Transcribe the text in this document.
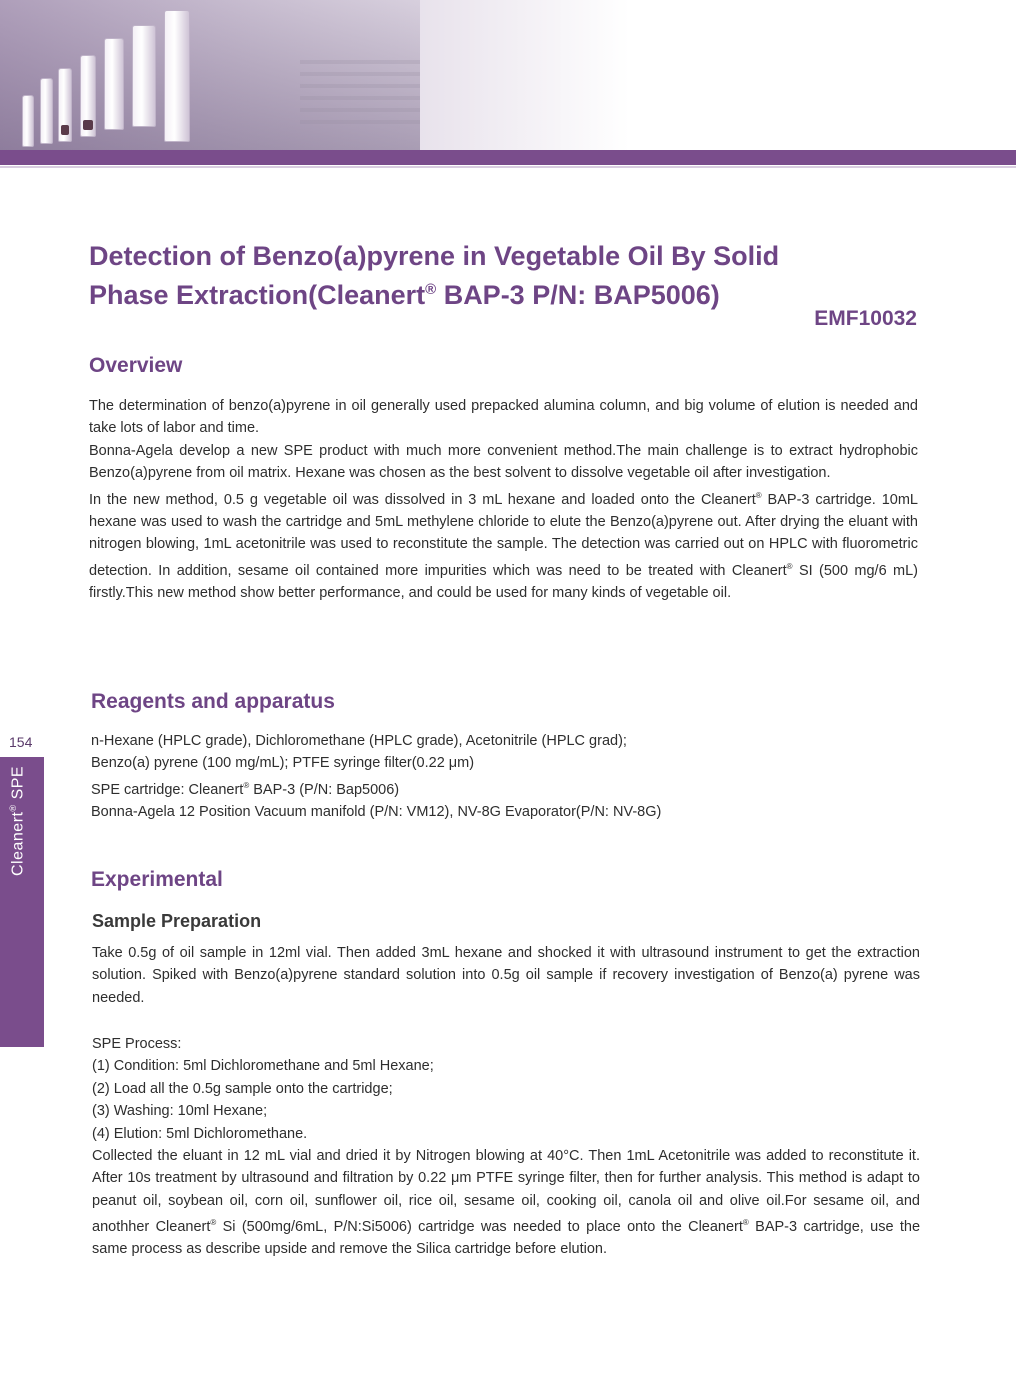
154
Cleanert® SPE
Detection of Benzo(a)pyrene in Vegetable Oil By Solid
Phase Extraction(Cleanert® BAP-3 P/N: BAP5006)
EMF10032
Overview

The determination of benzo(a)pyrene in oil generally used prepacked alumina column, and big volume of elution is needed and take lots of labor and time.

Bonna-Agela develop a new SPE product with much more convenient method.The main challenge is to extract hydrophobic Benzo(a)pyrene from oil matrix. Hexane was chosen as the best solvent to dissolve vegetable oil after investigation.

In the new method, 0.5 g vegetable oil was dissolved in 3 mL hexane and loaded onto the Cleanert® BAP-3 cartridge. 10mL hexane was used to wash the cartridge and 5mL methylene chloride to elute the Benzo(a)pyrene out. After drying the eluant with nitrogen blowing, 1mL acetonitrile was used to reconstitute the sample. The detection was carried out on HPLC with fluorometric detection. In addition, sesame oil contained more impurities which was need to be treated with Cleanert® SI (500 mg/6 mL) firstly.This new method show better performance, and could be used for many kinds of vegetable oil.

Reagents and apparatus
n-Hexane (HPLC grade), Dichloromethane (HPLC grade), Acetonitrile (HPLC grad);
Benzo(a) pyrene (100 mg/mL); PTFE syringe filter(0.22 μm)
SPE cartridge: Cleanert® BAP-3 (P/N: Bap5006)
Bonna-Agela 12 Position Vacuum manifold (P/N: VM12), NV-8G Evaporator(P/N: NV-8G)
Experimental
Sample Preparation

Take 0.5g of oil sample in 12ml vial. Then added 3mL hexane and shocked it with ultrasound instrument to get the extraction solution. Spiked with Benzo(a)pyrene standard solution into 0.5g oil sample if recovery investigation of Benzo(a) pyrene was needed.

SPE Process:
(1) Condition: 5ml Dichloromethane and 5ml Hexane;
(2) Load all the 0.5g sample onto the cartridge;
(3) Washing: 10ml Hexane;
(4) Elution: 5ml Dichloromethane.

Collected the eluant in 12 mL vial and dried it by Nitrogen blowing at 40°C. Then 1mL Acetonitrile was added to reconstitute it. After 10s treatment by ultrasound and filtration by 0.22 μm PTFE syringe filter, then for further analysis. This method is adapt to peanut oil, soybean oil, corn oil, sunflower oil, rice oil, sesame oil, cooking oil, canola oil and olive oil.For sesame oil, and anothher Cleanert® Si (500mg/6mL, P/N:Si5006) cartridge was needed to place onto the Cleanert® BAP-3 cartridge, use the same process as describe upside and remove the Silica cartridge before elution.
